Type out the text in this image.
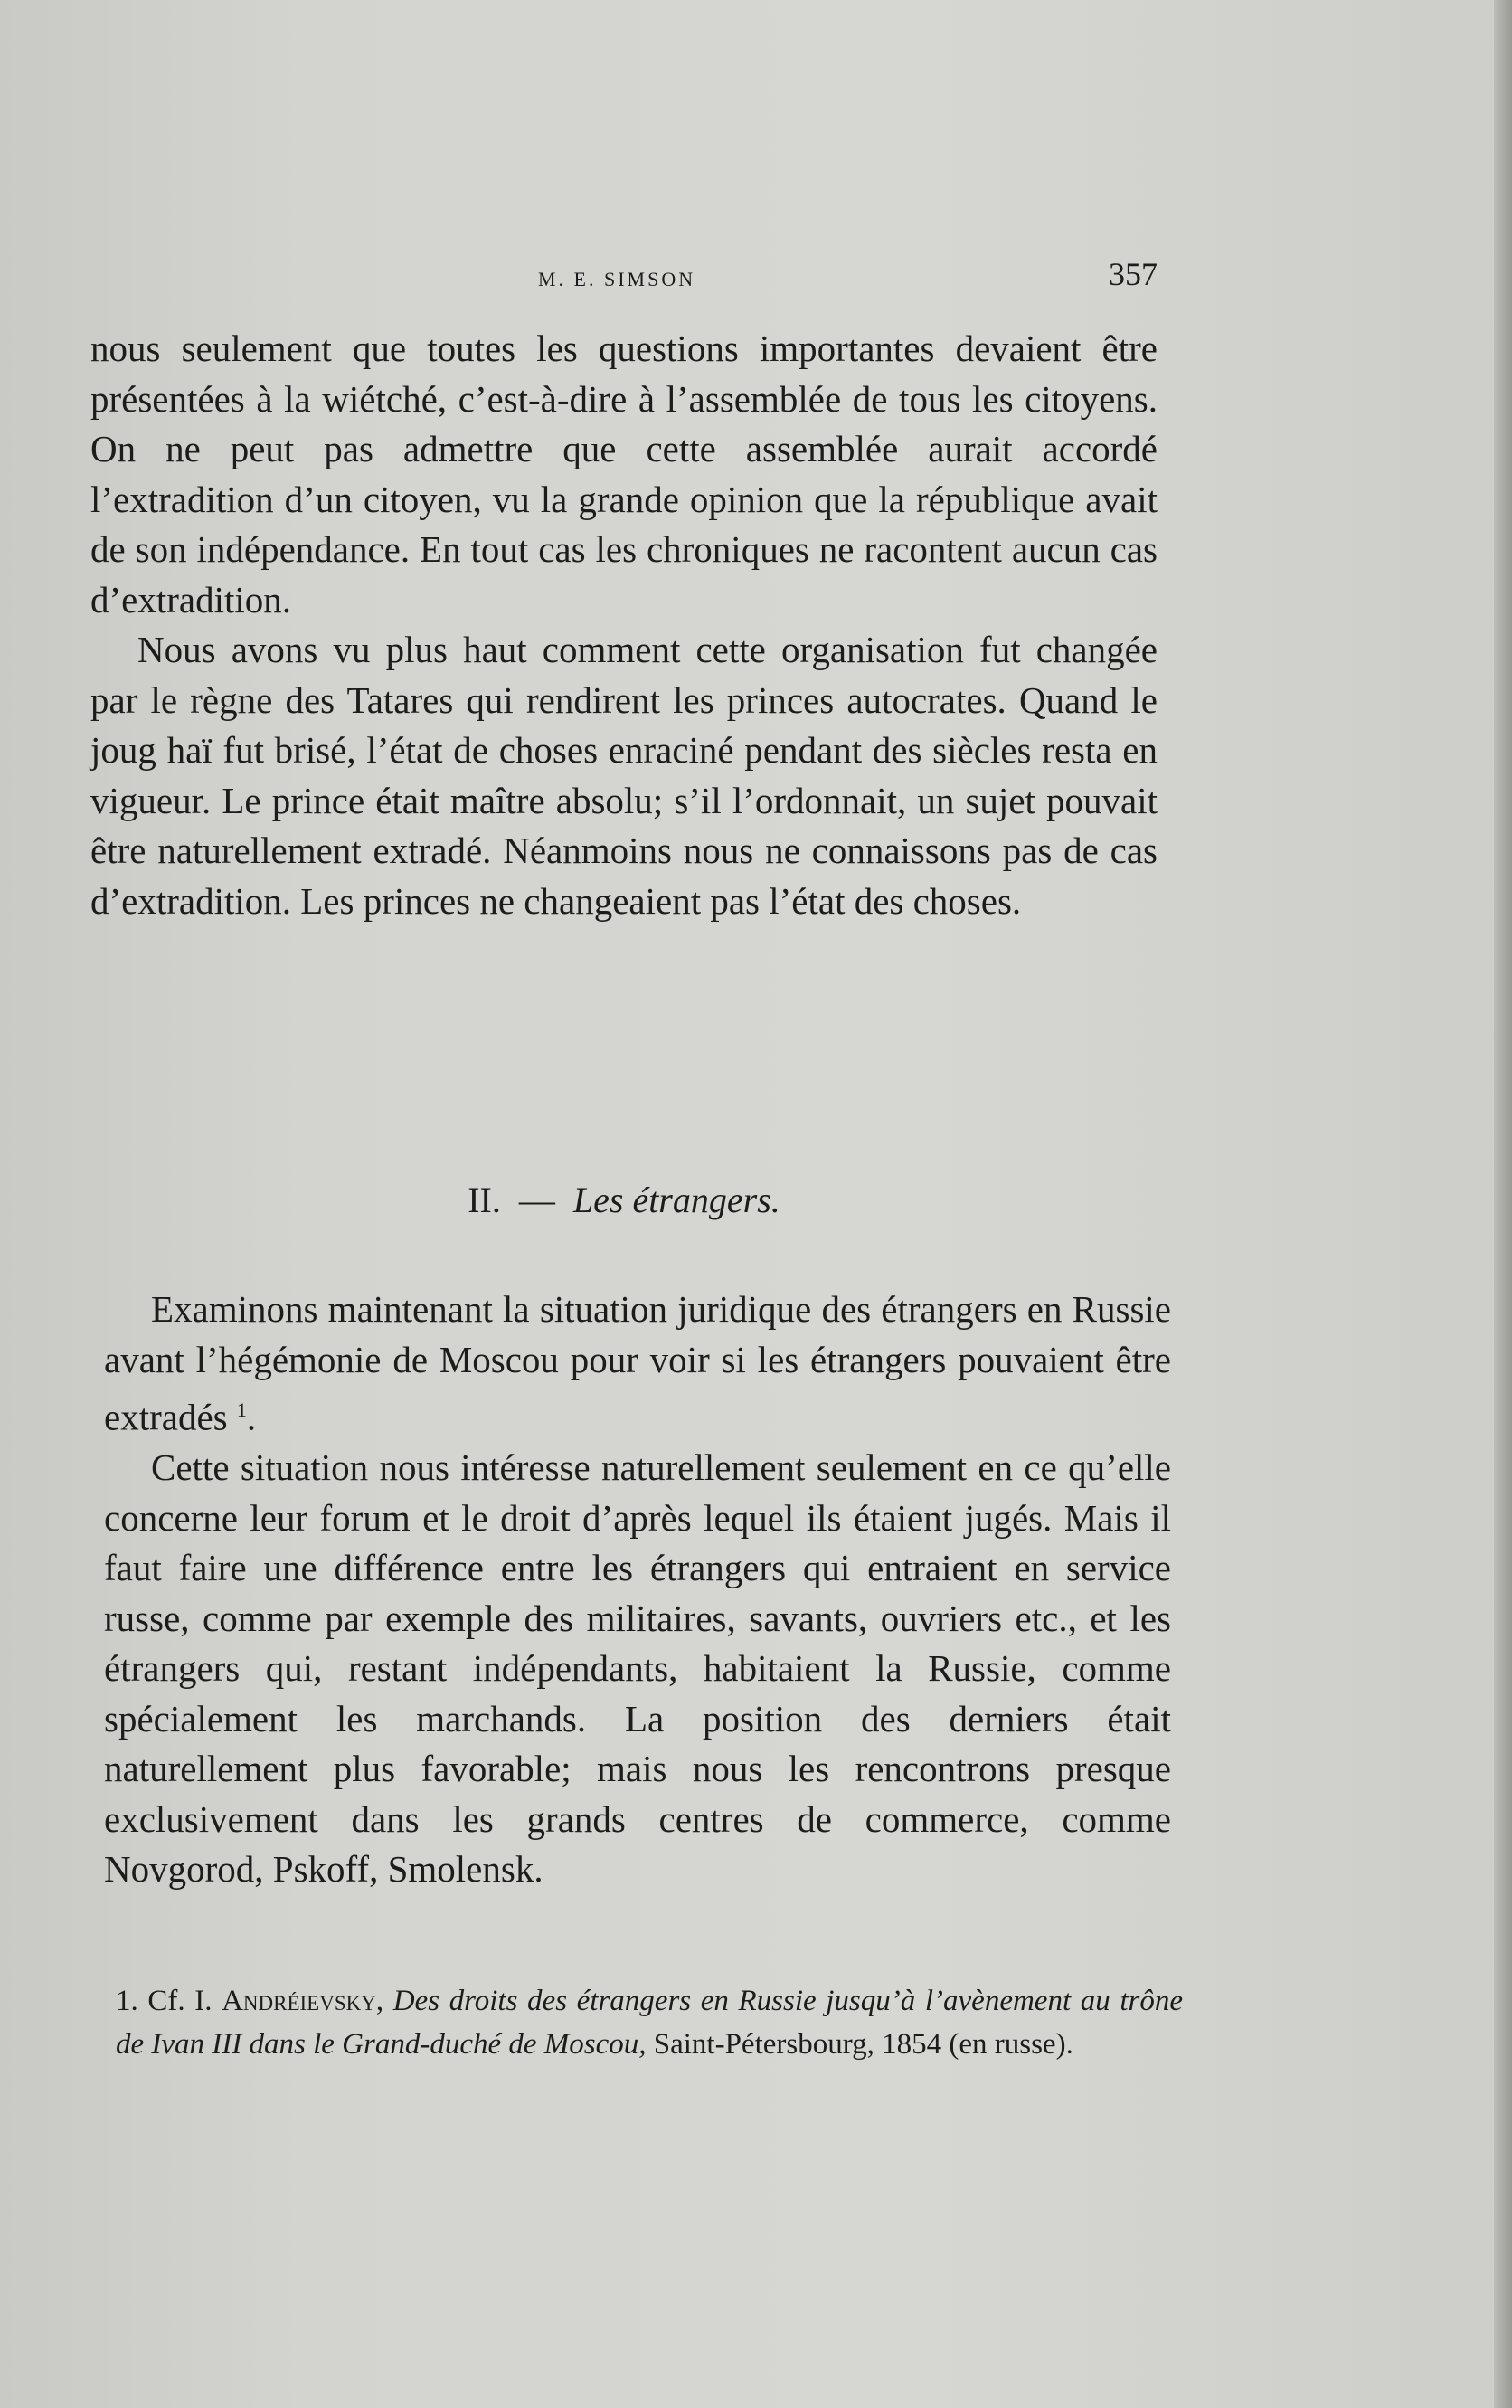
M. E. SIMSON	357

nous seulement que toutes les questions importantes devaient être présentées à la wiétché, c’est-à-dire à l’assemblée de tous les citoyens. On ne peut pas admettre que cette assemblée aurait accordé l’extradition d’un citoyen, vu la grande opinion que la république avait de son indépendance. En tout cas les chroniques ne racontent aucun cas d’extradition.

Nous avons vu plus haut comment cette organisation fut changée par le règne des Tatares qui rendirent les princes autocrates. Quand le joug haï fut brisé, l’état de choses enraciné pendant des siècles resta en vigueur. Le prince était maître absolu; s’il l’ordonnait, un sujet pouvait être naturellement extradé. Néanmoins nous ne connaissons pas de cas d’extradition. Les princes ne changeaient pas l’état des choses.

II. — Les étrangers.

Examinons maintenant la situation juridique des étrangers en Russie avant l’hégémonie de Moscou pour voir si les étrangers pouvaient être extradés $^1$.

Cette situation nous intéresse naturellement seulement en ce qu’elle concerne leur forum et le droit d’après lequel ils étaient jugés. Mais il faut faire une différence entre les étrangers qui entraient en service russe, comme par exemple des militaires, savants, ouvriers etc., et les étrangers qui, restant indépendants, habitaient la Russie, comme spécialement les marchands. La position des derniers était naturellement plus favorable; mais nous les rencontrons presque exclusivement dans les grands centres de commerce, comme Novgorod, Pskoff, Smolensk.

1. Cf. I. Andréievsky, Des droits des étrangers en Russie jusqu’à l’avènement au trône de Ivan III dans le Grand-duché de Moscou, Saint-Pétersbourg, 1854 (en russe).
